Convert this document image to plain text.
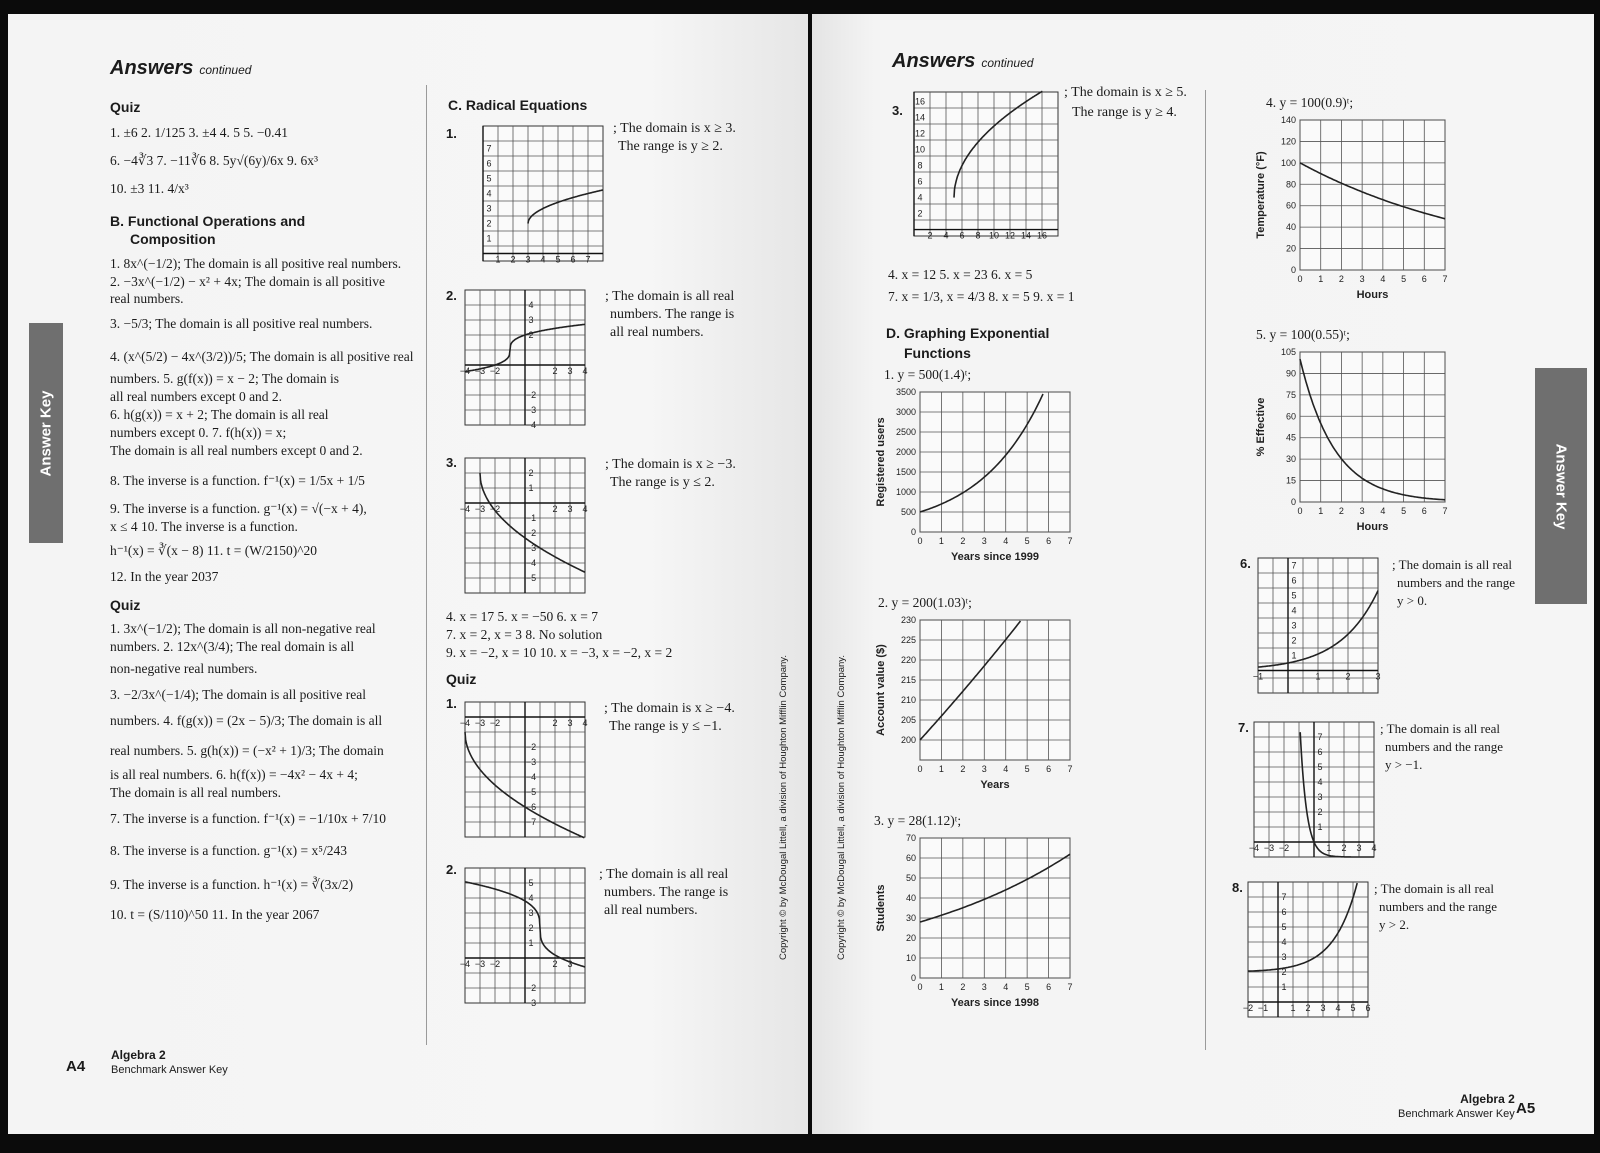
Answer Key
Answers continued
Quiz
1. ±6 2. 1/125 3. ±4 4. 5 5. −0.41
6. −4∛3 7. −11∛6 8. 5y√(6y)/6x 9. 6x³
10. ±3 11. 4/x³
B. Functional Operations and
Composition
1. 8x^(−1/2); The domain is all positive real numbers.
2. −3x^(−1/2) − x² + 4x; The domain is all positive
real numbers.
3. −5/3; The domain is all positive real numbers.
4. (x^(5/2) − 4x^(3/2))/5; The domain is all positive real
numbers. 5. g(f(x)) = x − 2; The domain is
all real numbers except 0 and 2.
6. h(g(x)) = x + 2; The domain is all real
numbers except 0. 7. f(h(x)) = x;
The domain is all real numbers except 0 and 2.
8. The inverse is a function. f⁻¹(x) = 1/5x + 1/5
9. The inverse is a function. g⁻¹(x) = √(−x + 4),
x ≤ 4 10. The inverse is a function.
h⁻¹(x) = ∛(x − 8) 11. t = (W/2150)^20
12. In the year 2037
Quiz
1. 3x^(−1/2); The domain is all non-negative real
numbers. 2. 12x^(3/4); The real domain is all
non-negative real numbers.
3. −2/3x^(−1/4); The domain is all positive real
numbers. 4. f(g(x)) = (2x − 5)/3; The domain is all
real numbers. 5. g(h(x)) = (−x² + 1)/3; The domain
is all real numbers. 6. h(f(x)) = −4x² − 4x + 4;
The domain is all real numbers.
7. The inverse is a function. f⁻¹(x) = −1/10x + 7/10
8. The inverse is a function. g⁻¹(x) = x⁵/243
9. The inverse is a function. h⁻¹(x) = ∛(3x/2)
10. t = (S/110)^50 11. In the year 2067
C. Radical Equations
1.
1 2 3 4 5 6 7
1
2
3
4
5
6
7
; The domain is x ≥ 3.
The range is y ≥ 2.
2.
−4 −3 −2	2 3 4
4
3
2
−2
−3
−4
; The domain is all real
numbers. The range is
all real numbers.
3.
−4 −3 −2	2 3 4
2
1
−1
−2
−3
−4
−5
; The domain is x ≥ −3.
The range is y ≤ 2.
4. x = 17 5. x = −50 6. x = 7
7. x = 2, x = 3 8. No solution
9. x = −2, x = 10 10. x = −3, x = −2, x = 2
Quiz
1.
−4 −3 −2	2 3 4
−2
−3
−4
−5
−6
−7
; The domain is x ≥ −4.
The range is y ≤ −1.
2.
−4 −3 −2	2 3
5
4
3
2
1
−2
−3
; The domain is all real
numbers. The range is
all real numbers.
A4
Algebra 2
Benchmark Answer Key
Copyright © by McDougal Littell, a division of Houghton Mifflin Company.
Answer Key
Copyright © by McDougal Littell, a division of Houghton Mifflin Company.
Answers continued
3.
2 4 6 8 10 12 14 16
2
4
6
8
10
12
14
16
; The domain is x ≥ 5.
The range is y ≥ 4.
4. x = 12 5. x = 23 6. x = 5
7. x = 1/3, x = 4/3 8. x = 5 9. x = 1
D. Graphing Exponential
Functions
1. y = 500(1.4)ᵗ;
0
500
1000
1500
2000
2500
3000
3500
0 1 2 3 4 5 6 7
Years since 1999
Registered users
2. y = 200(1.03)ᵗ;
200
205
210
215
220
225
230
0 1 2 3 4 5 6 7
Years
Account value ($)
3. y = 28(1.12)ᵗ;
0
10
20
30
40
50
60
70
0 1 2 3 4 5 6 7
Years since 1998
Students
4. y = 100(0.9)ᵗ;
0
20
40
60
80
100
120
140
0 1 2 3 4 5 6 7
Hours
Temperature (°F)
5. y = 100(0.55)ᵗ;
0
15
30
45
60
75
90
105
0 1 2 3 4 5 6 7
Hours
% Effective
6.
−1	1	2	3
1
2
3
4
5
6
7	; The domain is all real
numbers and the range
y > 0.
7.
−4 −3 −2	1 2 3 4
1
2
3
4
5
6
7
; The domain is all real
numbers and the range
y > −1.
8.
−2 −1 1 2 3 4 5 6
1
2
3
4
5
6
7
; The domain is all real
numbers and the range
y > 2.
Algebra 2
Benchmark Answer Key A5
